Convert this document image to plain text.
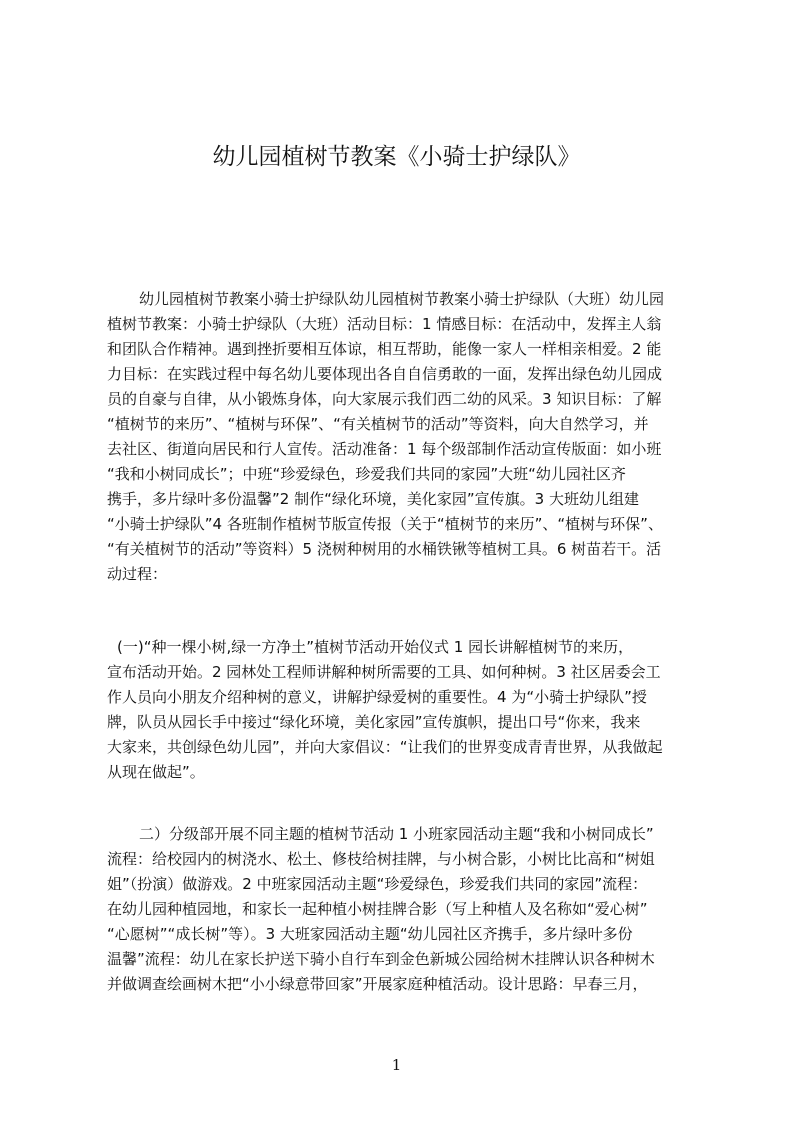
幼儿园植树节教案《小骑士护绿队》
幼儿园植树节教案小骑士护绿队幼儿园植树节教案小骑士护绿队（大班）幼儿园
植树节教案：小骑士护绿队（大班）活动目标：1 情感目标：在活动中，发挥主人翁
和团队合作精神。遇到挫折要相互体谅，相互帮助，能像一家人一样相亲相爱。2 能
力目标：在实践过程中每名幼儿要体现出各自自信勇敢的一面，发挥出绿色幼儿园成
员的自豪与自律，从小锻炼身体，向大家展示我们西二幼的风采。3 知识目标：了解
“植树节的来历”、“植树与环保”、“有关植树节的活动”等资料，向大自然学习，并
去社区、街道向居民和行人宣传。活动准备：1 每个级部制作活动宣传版面：如小班
“我和小树同成长”；中班“珍爱绿色，珍爱我们共同的家园”大班“幼儿园社区齐
携手，多片绿叶多份温馨”2 制作“绿化环境，美化家园”宣传旗。3 大班幼儿组建
“小骑士护绿队”4 各班制作植树节版宣传报（关于“植树节的来历”、“植树与环保”、
“有关植树节的活动”等资料）5 浇树种树用的水桶铁锹等植树工具。6 树苗若干。活
动过程：
(一)“种一棵小树,绿一方净土”植树节活动开始仪式 1 园长讲解植树节的来历，
宣布活动开始。2 园林处工程师讲解种树所需要的工具、如何种树。3 社区居委会工
作人员向小朋友介绍种树的意义，讲解护绿爱树的重要性。4 为“小骑士护绿队”授
牌，队员从园长手中接过“绿化环境，美化家园”宣传旗帜，提出口号“你来，我来
大家来，共创绿色幼儿园”，并向大家倡议：“让我们的世界变成青青世界，从我做起
从现在做起”。
二）分级部开展不同主题的植树节活动 1 小班家园活动主题“我和小树同成长”
流程：给校园内的树浇水、松土、修枝给树挂牌，与小树合影，小树比比高和“树姐
姐”（扮演）做游戏。2 中班家园活动主题“珍爱绿色，珍爱我们共同的家园”流程：
在幼儿园种植园地，和家长一起种植小树挂牌合影（写上种植人及名称如“爱心树”
“心愿树”“成长树”等）。3 大班家园活动主题“幼儿园社区齐携手，多片绿叶多份
温馨”流程：幼儿在家长护送下骑小自行车到金色新城公园给树木挂牌认识各种树木
并做调查绘画树木把“小小绿意带回家”开展家庭种植活动。设计思路：早春三月，
1
